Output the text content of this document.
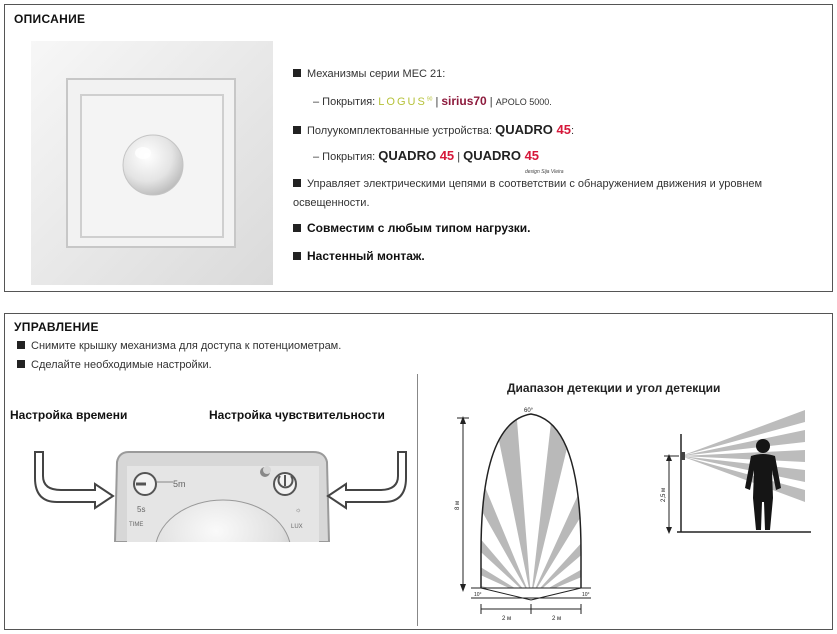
ОПИСАНИЕ
Механизмы серии MEC 21:
– Покрытия: LOGUS$^{90}$ | sirius70 | APOLO 5000.
Полуукомплектованные устройства: QUADRO 45:
– Покрытия: QUADRO 45 | QUADRO 45
design Sija Vieira
Управляет электрическими цепями в соответствии с обнаружением движения и уровнем освещенности.
Совместим с любым типом нагрузки.
Настенный монтаж.
УПРАВЛЕНИЕ
Снимите крышку механизма для доступа к потенциометрам.
Сделайте необходимые настройки.
Настройка времени	Настройка чувствительности
5m
5s
TIME
☼
LUX
Диапазон детекции и угол детекции
8 м
2 м	2 м
60°
10°	10°
2,5 м
